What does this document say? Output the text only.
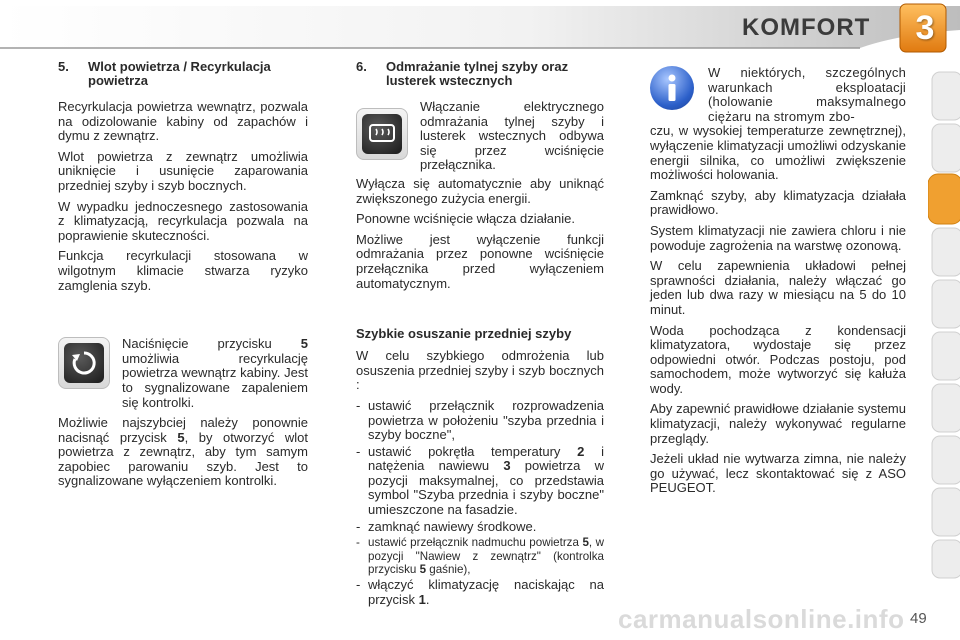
KOMFORT	3
5.	Wlot powietrza / Recyrkulacja powietrza

Recyrkulacja powietrza wewnątrz, pozwala na odizolowanie kabiny od zapachów i dymu z zewnątrz.

Wlot powietrza z zewnątrz umożliwia uniknięcie i usunięcie zaparowania przedniej szyby i szyb bocznych.

W wypadku jednoczesnego zastosowania z klimatyzacją, recyrkulacja pozwala na poprawienie skuteczności.

Funkcja recyrkulacji stosowana w wilgotnym klimacie stwarza ryzyko zamglenia szyb.

Naciśnięcie przycisku 5 umożliwia recyrkulację powietrza wewnątrz kabiny. Jest to sygnalizowane zapaleniem się kontrolki.

Możliwie najszybciej należy ponownie nacisnąć przycisk 5, by otworzyć wlot powietrza z zewnątrz, aby tym samym zapobiec parowaniu szyb. Jest to sygnalizowane wyłączeniem kontrolki.

6.	Odmrażanie tylnej szyby oraz lusterek wstecznych

Włączanie elektrycznego odmrażania tylnej szyby i lusterek wstecznych odbywa się przez wciśnięcie przełącznika.

Wyłącza się automatycznie aby uniknąć zwiększonego zużycia energii.

Ponowne wciśnięcie włącza działanie.

Możliwe jest wyłączenie funkcji odmrażania przez ponowne wciśnięcie przełącznika przed wyłączeniem automatycznym.

Szybkie osuszanie przedniej szyby

W celu szybkiego odmrożenia lub osuszenia przedniej szyby i szyb bocznych :

- ustawić przełącznik rozprowadzenia powietrza w położeniu "szyba przednia i szyby boczne",
- ustawić pokrętła temperatury 2 i natężenia nawiewu 3 powietrza w pozycji maksymalnej, co przedstawia symbol "Szyba przednia i szyby boczne" umieszczone na fasadzie.
- zamknąć nawiewy środkowe.
- ustawić przełącznik nadmuchu powietrza 5, w pozycji "Nawiew z zewnątrz" (kontrolka przycisku 5 gaśnie),
- włączyć klimatyzację naciskając na przycisk 1.

W niektórych, szczególnych warunkach eksploatacji (holowanie maksymalnego ciężaru na stromym zbo-

czu, w wysokiej temperaturze zewnętrznej), wyłączenie klimatyzacji umożliwi odzyskanie energii silnika, co umożliwi zwiększenie możliwości holowania.

Zamknąć szyby, aby klimatyzacja działała prawidłowo.

System klimatyzacji nie zawiera chloru i nie powoduje zagrożenia na warstwę ozonową.

W celu zapewnienia układowi pełnej sprawności działania, należy włączać go jeden lub dwa razy w miesiącu na 5 do 10 minut.

Woda pochodząca z kondensacji klimatyzatora, wydostaje się przez odpowiedni otwór. Podczas postoju, pod samochodem, może wytworzyć się kałuża wody.

Aby zapewnić prawidłowe działanie systemu klimatyzacji, należy wykonywać regularne przeglądy.

Jeżeli układ nie wytwarza zimna, nie należy go używać, lecz skontaktować się z ASO PEUGEOT.

carmanualsonline.info 49
